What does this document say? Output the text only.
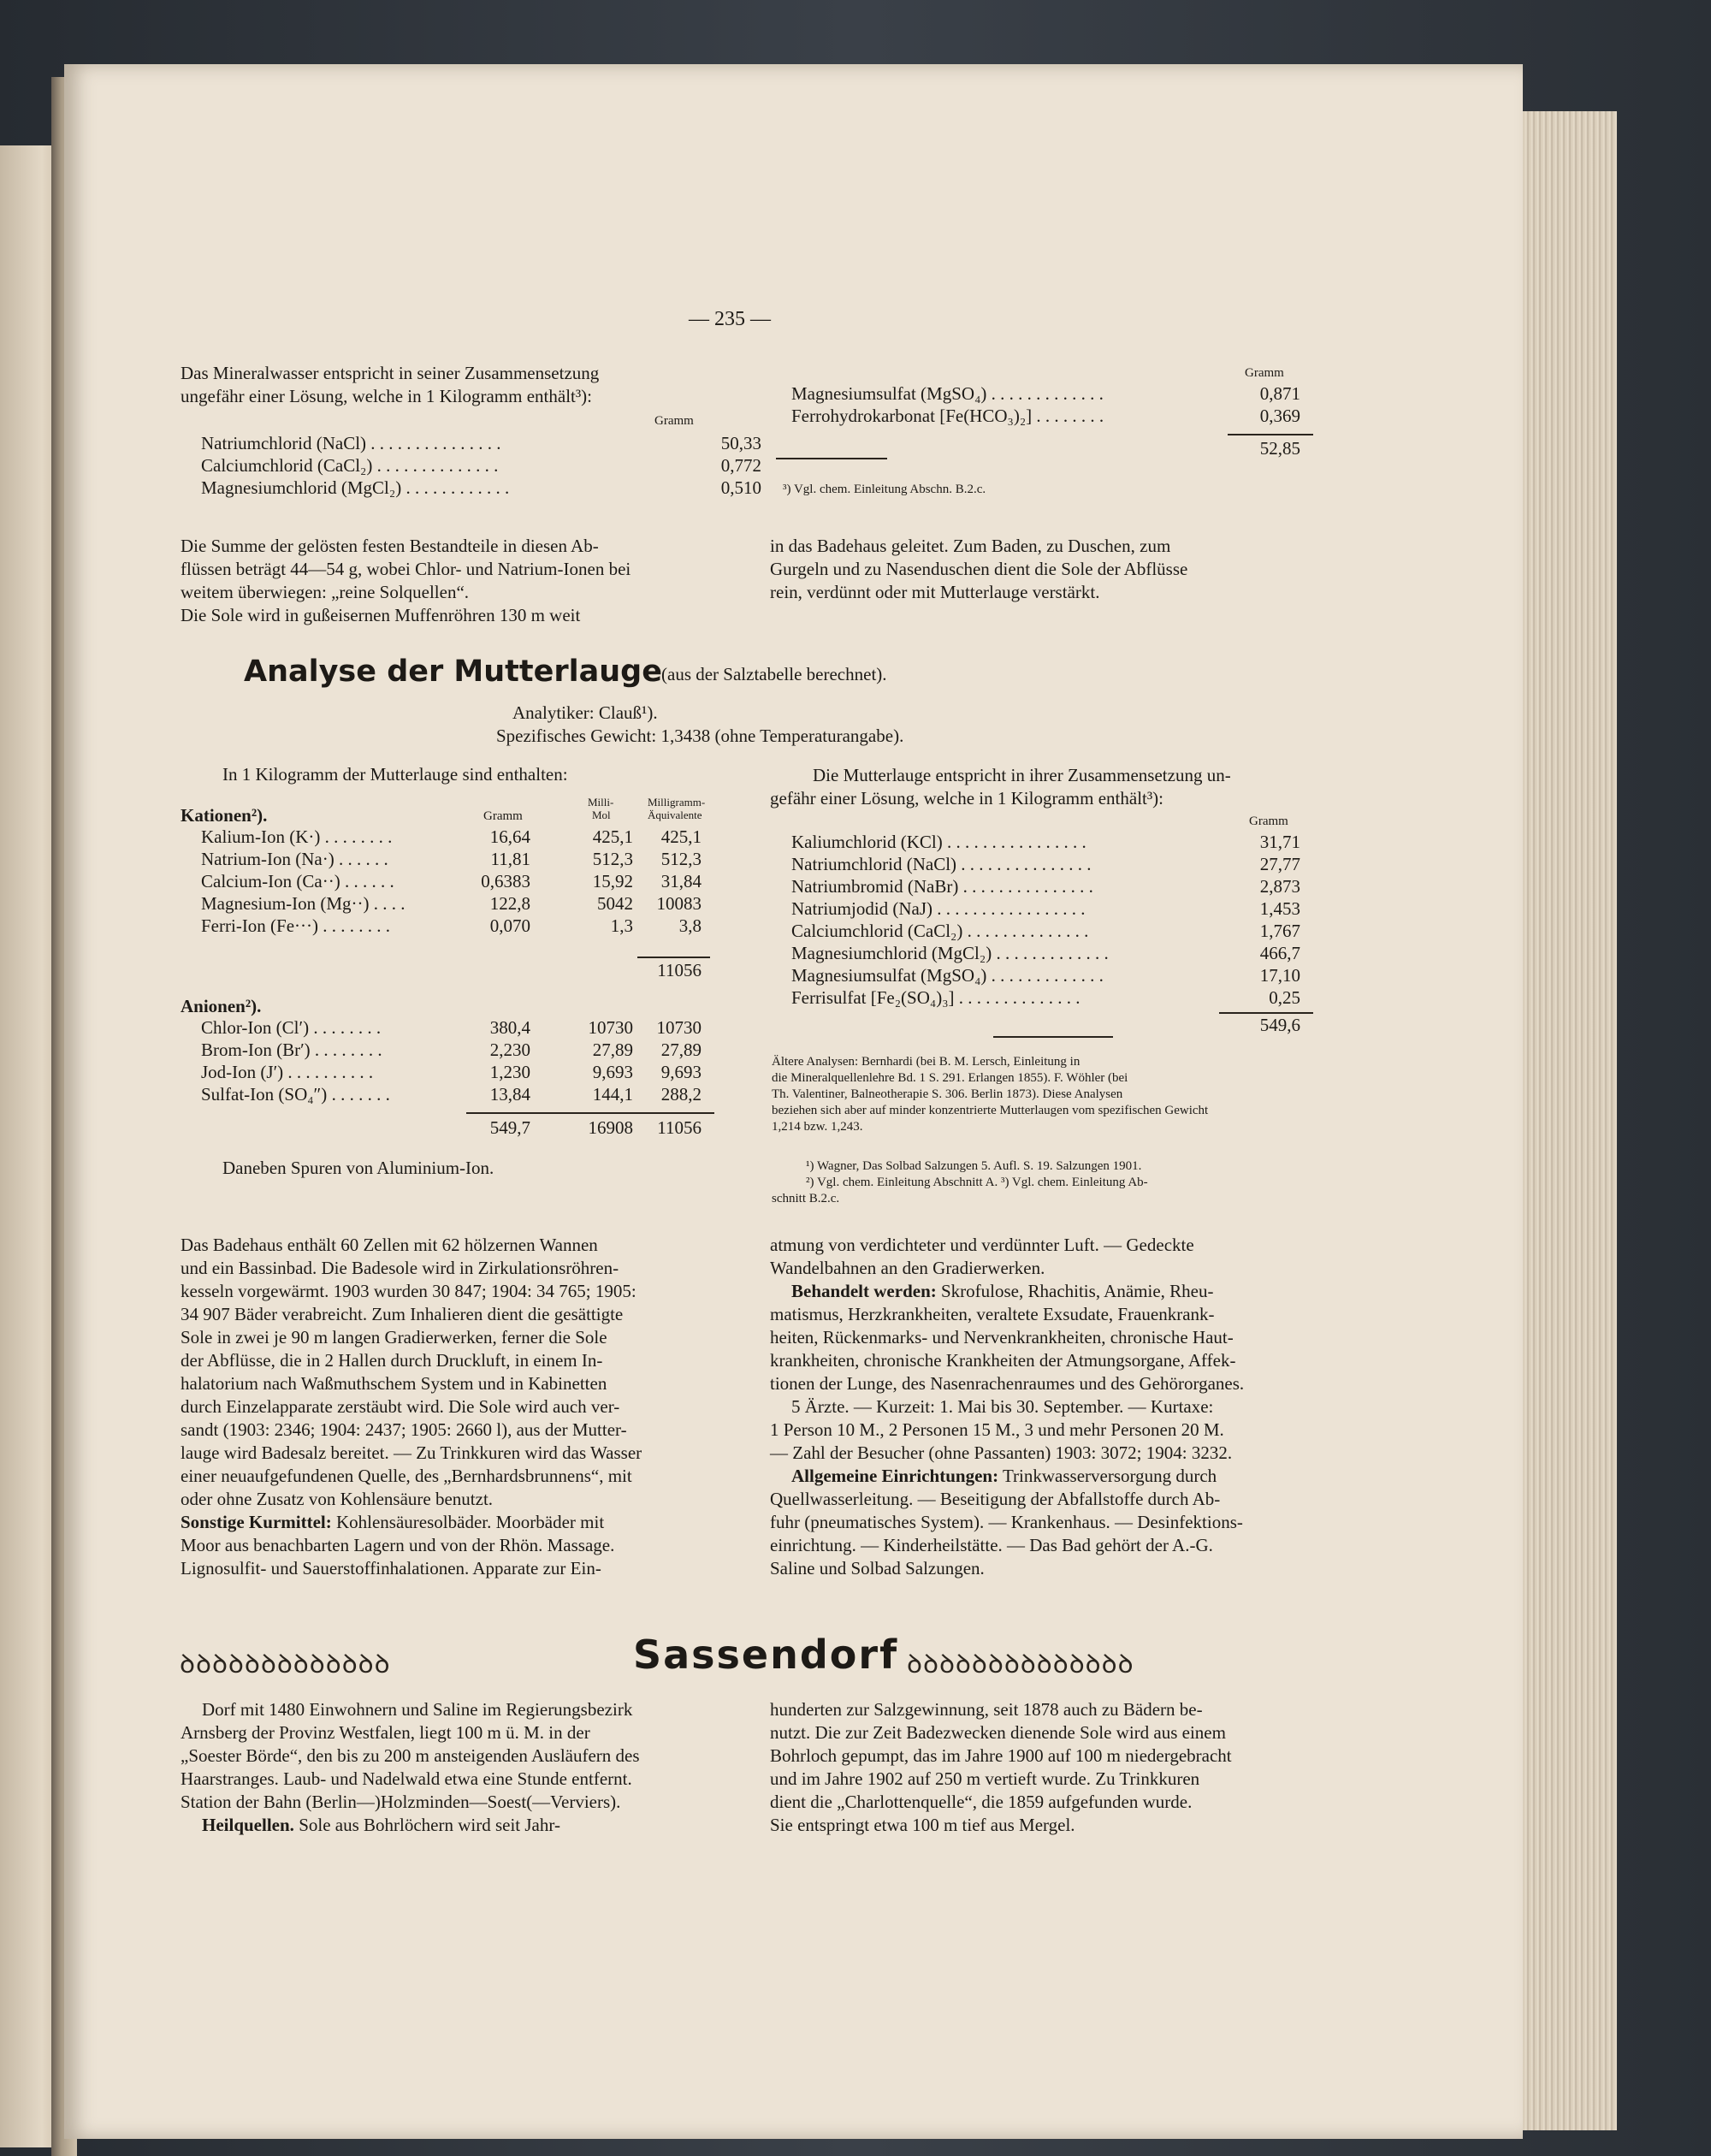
— 235 —
Das Mineralwasser entspricht in seiner Zusammensetzung
ungefähr einer Lösung, welche in 1 Kilogramm enthält³):
Gramm
Natriumchlorid (NaCl) . . . . . . . . . . . . . . .	50,33
Calciumchlorid (CaCl₂) . . . . . . . . . . . . . .	0,772
Magnesiumchlorid (MgCl₂) . . . . . . . . . . . .	0,510
Gramm
Magnesiumsulfat (MgSO₄) . . . . . . . . . . . . .	0,871
Ferrohydrokarbonat [Fe(HCO₃)₂] . . . . . . . .	0,369
52,85
³) Vgl. chem. Einleitung Abschn. B.2.c.
Die Summe der gelösten festen Bestandteile in diesen Ab-
flüssen beträgt 44—54 g, wobei Chlor- und Natrium-Ionen bei
weitem überwiegen: „reine Solquellen“.
Die Sole wird in gußeisernen Muffenröhren 130 m weit
in das Badehaus geleitet. Zum Baden, zu Duschen, zum
Gurgeln und zu Nasenduschen dient die Sole der Abflüsse
rein, verdünnt oder mit Mutterlauge verstärkt.
Analyse der Mutterlauge (aus der Salztabelle berechnet).
Analytiker: Clauß¹).
Spezifisches Gewicht: 1,3438 (ohne Temperaturangabe).
In 1 Kilogramm der Mutterlauge sind enthalten:
Milli-
Mol
Milligramm-
Äquivalente
Gramm
Kationen²).
Kalium-Ion (K·) . . . . . . . .	16,64	425,1	425,1
Natrium-Ion (Na·) . . . . . .	11,81	512,3	512,3
Calcium-Ion (Ca··) . . . . . .	0,6383	15,92	31,84
Magnesium-Ion (Mg··) . . . .	122,8	5042	10083
Ferri-Ion (Fe···) . . . . . . . .	0,070	1,3	3,8
11056
Anionen²).
Chlor-Ion (Cl′) . . . . . . . .	380,4	10730	10730
Brom-Ion (Br′) . . . . . . . .	2,230	27,89	27,89
Jod-Ion (J′) . . . . . . . . . .	1,230	9,693	9,693
Sulfat-Ion (SO₄″) . . . . . . .	13,84	144,1	288,2
549,7	16908	11056
Daneben Spuren von Aluminium-Ion.
Die Mutterlauge entspricht in ihrer Zusammensetzung un-
gefähr einer Lösung, welche in 1 Kilogramm enthält³):
Gramm
Kaliumchlorid (KCl) . . . . . . . . . . . . . . . .	31,71
Natriumchlorid (NaCl) . . . . . . . . . . . . . . .	27,77
Natriumbromid (NaBr) . . . . . . . . . . . . . . .	2,873
Natriumjodid (NaJ) . . . . . . . . . . . . . . . . .	1,453
Calciumchlorid (CaCl₂) . . . . . . . . . . . . . .	1,767
Magnesiumchlorid (MgCl₂) . . . . . . . . . . . . .	466,7
Magnesiumsulfat (MgSO₄) . . . . . . . . . . . . .	17,10
Ferrisulfat [Fe₂(SO₄)₃] . . . . . . . . . . . . . .	0,25
549,6
Ältere Analysen: Bernhardi (bei B. M. Lersch, Einleitung in
die Mineralquellenlehre Bd. 1 S. 291. Erlangen 1855). F. Wöhler (bei
Th. Valentiner, Balneotherapie S. 306. Berlin 1873). Diese Analysen
beziehen sich aber auf minder konzentrierte Mutterlaugen vom spezifischen Gewicht
1,214 bzw. 1,243.
¹) Wagner, Das Solbad Salzungen 5. Aufl. S. 19. Salzungen 1901.
²) Vgl. chem. Einleitung Abschnitt A. ³) Vgl. chem. Einleitung Ab-
schnitt B.2.c.
Das Badehaus enthält 60 Zellen mit 62 hölzernen Wannen
und ein Bassinbad. Die Badesole wird in Zirkulationsröhren-
kesseln vorgewärmt. 1903 wurden 30 847; 1904: 34 765; 1905:
34 907 Bäder verabreicht. Zum Inhalieren dient die gesättigte
Sole in zwei je 90 m langen Gradierwerken, ferner die Sole
der Abflüsse, die in 2 Hallen durch Druckluft, in einem In-
halatorium nach Waßmuthschem System und in Kabinetten
durch Einzelapparate zerstäubt wird. Die Sole wird auch ver-
sandt (1903: 2346; 1904: 2437; 1905: 2660 l), aus der Mutter-
lauge wird Badesalz bereitet. — Zu Trinkkuren wird das Wasser
einer neuaufgefundenen Quelle, des „Bernhardsbrunnens“, mit
oder ohne Zusatz von Kohlensäure benutzt.
Sonstige Kurmittel: Kohlensäuresolbäder. Moorbäder mit
Moor aus benachbarten Lagern und von der Rhön. Massage.
Lignosulfit- und Sauerstoffinhalationen. Apparate zur Ein-
atmung von verdichteter und verdünnter Luft. — Gedeckte
Wandelbahnen an den Gradierwerken.
Behandelt werden: Skrofulose, Rhachitis, Anämie, Rheu-
matismus, Herzkrankheiten, veraltete Exsudate, Frauenkrank-
heiten, Rückenmarks- und Nervenkrankheiten, chronische Haut-
krankheiten, chronische Krankheiten der Atmungsorgane, Affek-
tionen der Lunge, des Nasenrachenraumes und des Gehörorganes.
5 Ärzte. — Kurzeit: 1. Mai bis 30. September. — Kurtaxe:
1 Person 10 M., 2 Personen 15 M., 3 und mehr Personen 20 M.
— Zahl der Besucher (ohne Passanten) 1903: 3072; 1904: 3232.
Allgemeine Einrichtungen: Trinkwasserversorgung durch
Quellwasserleitung. — Beseitigung der Abfallstoffe durch Ab-
fuhr (pneumatisches System). — Krankenhaus. — Desinfektions-
einrichtung. — Kinderheilstätte. — Das Bad gehört der A.-G.
Saline und Solbad Salzungen.
ꝺꝺꝺꝺꝺꝺꝺꝺꝺꝺꝺꝺꝺ	Sassendorf ꝺꝺꝺꝺꝺꝺꝺꝺꝺꝺꝺꝺꝺꝺ
Dorf mit 1480 Einwohnern und Saline im Regierungsbezirk
Arnsberg der Provinz Westfalen, liegt 100 m ü. M. in der
„Soester Börde“, den bis zu 200 m ansteigenden Ausläufern des
Haarstranges. Laub- und Nadelwald etwa eine Stunde entfernt.
Station der Bahn (Berlin—)Holzminden—Soest(—Verviers).
Heilquellen. Sole aus Bohrlöchern wird seit Jahr-
hunderten zur Salzgewinnung, seit 1878 auch zu Bädern be-
nutzt. Die zur Zeit Badezwecken dienende Sole wird aus einem
Bohrloch gepumpt, das im Jahre 1900 auf 100 m niedergebracht
und im Jahre 1902 auf 250 m vertieft wurde. Zu Trinkkuren
dient die „Charlottenquelle“, die 1859 aufgefunden wurde.
Sie entspringt etwa 100 m tief aus Mergel.
